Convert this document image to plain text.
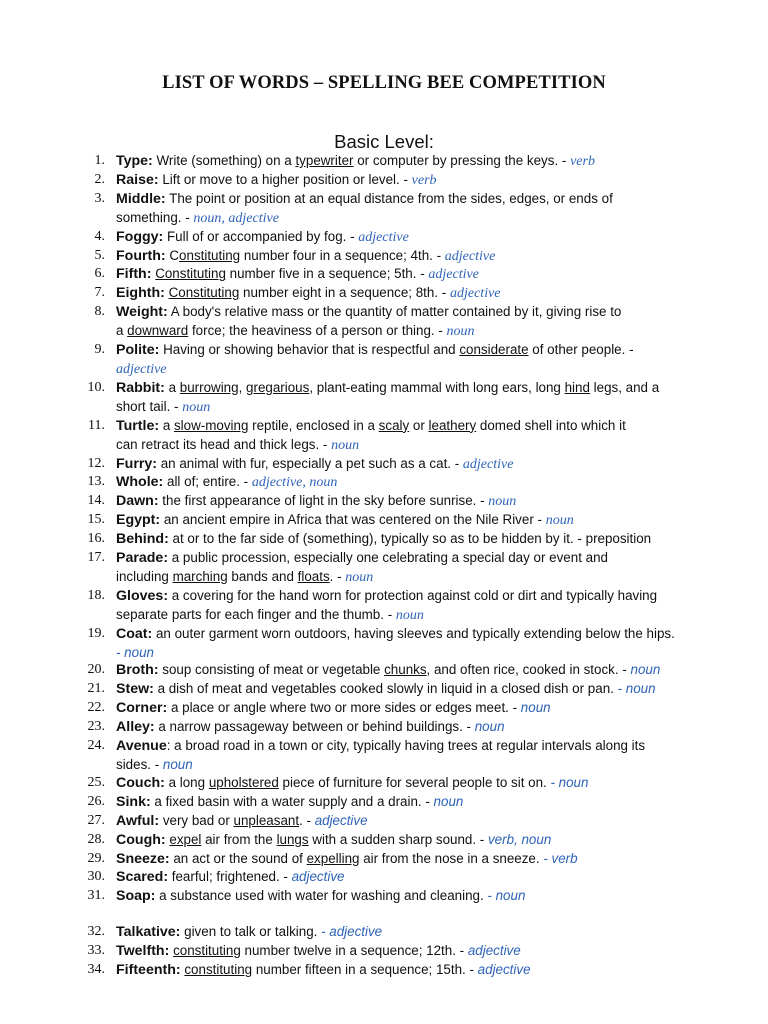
LIST OF WORDS – SPELLING BEE COMPETITION
Basic Level:
1. Type: Write (something) on a typewriter or computer by pressing the keys. - verb
2. Raise: Lift or move to a higher position or level. - verb
3. Middle: The point or position at an equal distance from the sides, edges, or ends of
something. - noun, adjective
4. Foggy: Full of or accompanied by fog. - adjective
5. Fourth: Constituting number four in a sequence; 4th. - adjective
6. Fifth: Constituting number five in a sequence; 5th. - adjective
7. Eighth: Constituting number eight in a sequence; 8th. - adjective
8. Weight: A body's relative mass or the quantity of matter contained by it, giving rise to
a downward force; the heaviness of a person or thing. - noun
9. Polite: Having or showing behavior that is respectful and considerate of other people. -
adjective
10. Rabbit: a burrowing, gregarious, plant-eating mammal with long ears, long hind legs, and a
short tail. - noun
11. Turtle: a slow-moving reptile, enclosed in a scaly or leathery domed shell into which it
can retract its head and thick legs. - noun
12. Furry: an animal with fur, especially a pet such as a cat. - adjective
13. Whole: all of; entire. - adjective, noun
14. Dawn: the first appearance of light in the sky before sunrise. - noun
15. Egypt: an ancient empire in Africa that was centered on the Nile River - noun
16. Behind: at or to the far side of (something), typically so as to be hidden by it. - preposition
17. Parade: a public procession, especially one celebrating a special day or event and
including marching bands and floats. - noun
18. Gloves: a covering for the hand worn for protection against cold or dirt and typically having
separate parts for each finger and the thumb. - noun
19. Coat: an outer garment worn outdoors, having sleeves and typically extending below the hips.
- noun
20. Broth: soup consisting of meat or vegetable chunks, and often rice, cooked in stock. - noun
21. Stew: a dish of meat and vegetables cooked slowly in liquid in a closed dish or pan. - noun
22. Corner: a place or angle where two or more sides or edges meet. - noun
23. Alley: a narrow passageway between or behind buildings. - noun
24. Avenue: a broad road in a town or city, typically having trees at regular intervals along its
sides. - noun
25. Couch: a long upholstered piece of furniture for several people to sit on. - noun
26. Sink: a fixed basin with a water supply and a drain. - noun
27. Awful: very bad or unpleasant. - adjective
28. Cough: expel air from the lungs with a sudden sharp sound. - verb, noun
29. Sneeze: an act or the sound of expelling air from the nose in a sneeze. - verb
30. Scared: fearful; frightened. - adjective
31. Soap: a substance used with water for washing and cleaning. - noun
32. Talkative: given to talk or talking. - adjective
33. Twelfth: constituting number twelve in a sequence; 12th. - adjective
34. Fifteenth: constituting number fifteen in a sequence; 15th. - adjective
